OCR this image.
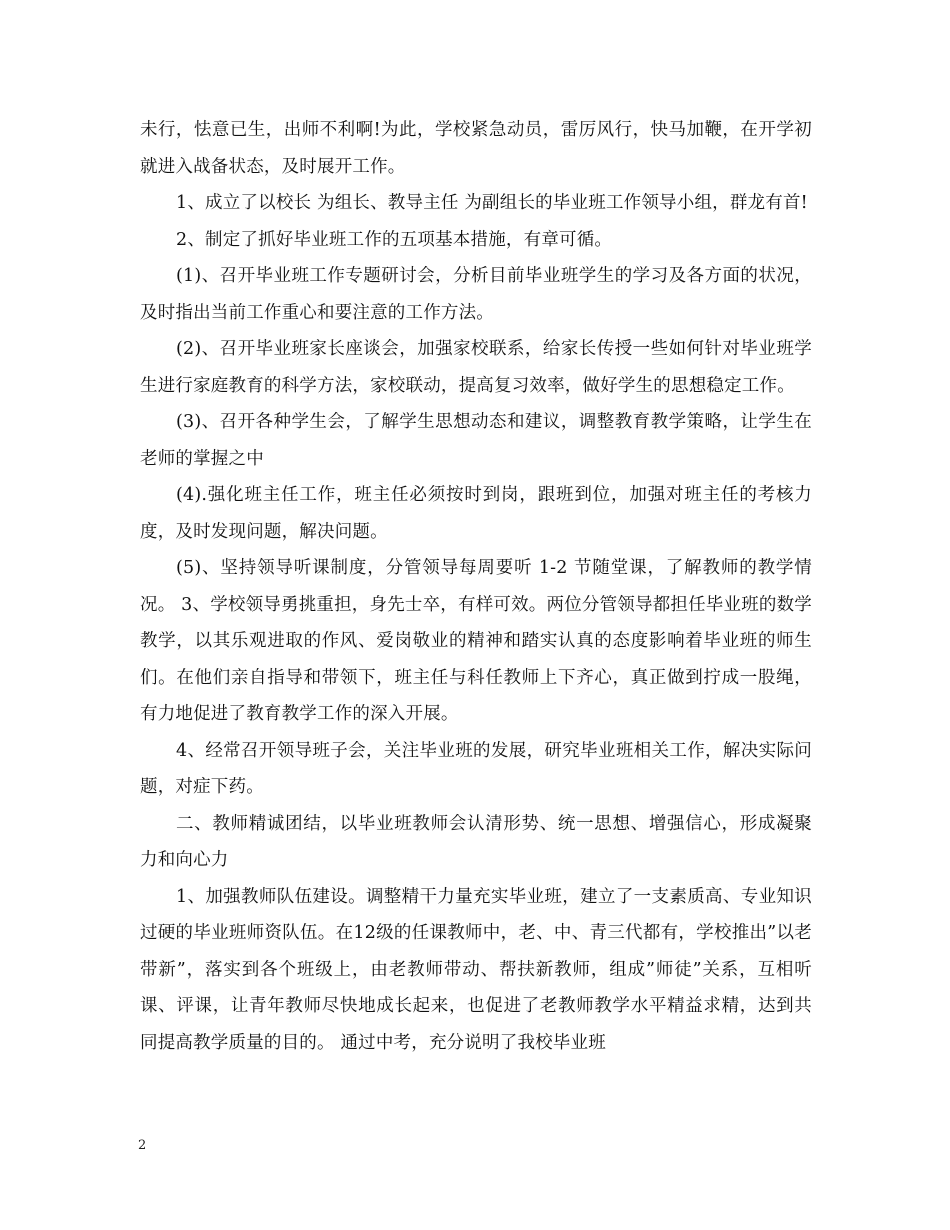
未行，怯意已生，出师不利啊!为此，学校紧急动员，雷厉风行，快马加鞭，在开学初就进入战备状态，及时展开工作。

1、成立了以校长 为组长、教导主任 为副组长的毕业班工作领导小组，群龙有首!

2、制定了抓好毕业班工作的五项基本措施，有章可循。

(1)、召开毕业班工作专题研讨会，分析目前毕业班学生的学习及各方面的状况，及时指出当前工作重心和要注意的工作方法。

(2)、召开毕业班家长座谈会，加强家校联系，给家长传授一些如何针对毕业班学生进行家庭教育的科学方法，家校联动，提高复习效率，做好学生的思想稳定工作。

(3)、召开各种学生会，了解学生思想动态和建议，调整教育教学策略，让学生在老师的掌握之中

(4).强化班主任工作，班主任必须按时到岗，跟班到位，加强对班主任的考核力度，及时发现问题，解决问题。

(5)、坚持领导听课制度，分管领导每周要听 1-2 节随堂课，了解教师的教学情况。 3、学校领导勇挑重担，身先士卒，有样可效。两位分管领导都担任毕业班的数学教学，以其乐观进取的作风、爱岗敬业的精神和踏实认真的态度影响着毕业班的师生们。在他们亲自指导和带领下，班主任与科任教师上下齐心，真正做到拧成一股绳，有力地促进了教育教学工作的深入开展。

4、经常召开领导班子会，关注毕业班的发展，研究毕业班相关工作，解决实际问题，对症下药。

二、教师精诚团结，以毕业班教师会认清形势、统一思想、增强信心，形成凝聚力和向心力

1、加强教师队伍建设。调整精干力量充实毕业班，建立了一支素质高、专业知识过硬的毕业班师资队伍。在12级的任课教师中，老、中、青三代都有，学校推出”以老带新”，落实到各个班级上，由老教师带动、帮扶新教师，组成”师徒”关系，互相听课、评课，让青年教师尽快地成长起来，也促进了老教师教学水平精益求精，达到共同提高教学质量的目的。 通过中考，充分说明了我校毕业班

2
